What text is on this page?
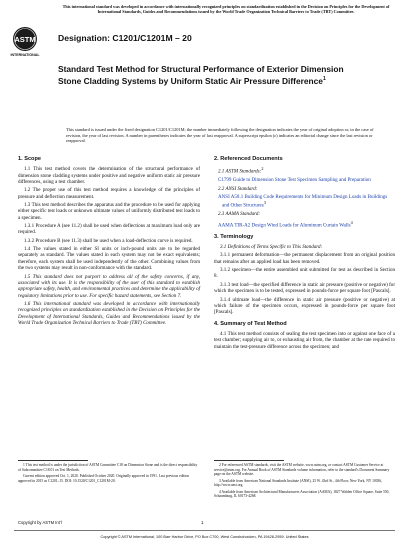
This international standard was developed in accordance with internationally recognized principles on standardization established in the Decision on Principles for the Development of International Standards, Guides and Recommendations issued by the World Trade Organization Technical Barriers to Trade (TBT) Committee.
ASTM
INTERNATIONAL
Designation: C1201/C1201M – 20
Standard Test Method for Structural Performance of Exterior Dimension Stone Cladding Systems by Uniform Static Air Pressure Difference$^1$
This standard is issued under the fixed designation C1201/C1201M; the number immediately following the designation indicates the year of original adoption or, in the case of revision, the year of last revision. A number in parentheses indicates the year of last reapproval. A superscript epsilon (ε) indicates an editorial change since the last revision or reapproval.
1. Scope
1.1 This test method covers the determination of the structural performance of dimension stone cladding systems under positive and negative uniform static air pressure differences, using a test chamber.
1.2 The proper use of this test method requires a knowledge of the principles of pressure and deflection measurement.
1.3 This test method describes the apparatus and the procedure to be used for applying either specific test loads or unknown ultimate values of uniformly distributed test loads to a specimen.
1.3.1 Procedure A (see 11.2) shall be used when deflections at maximum load only are required.
1.3.2 Procedure B (see 11.3) shall be used when a load-deflection curve is required.
1.4 The values stated in either SI units or inch-pound units are to be regarded separately as standard. The values stated in each system may not be exact equivalents; therefore, each system shall be used independently of the other. Combining values from the two systems may result in non-conformance with the standard.
1.5 This standard does not purport to address all of the safety concerns, if any, associated with its use. It is the responsibility of the user of this standard to establish appropriate safety, health, and environmental practices and determine the applicability of regulatory limitations prior to use. For specific hazard statements, see Section 7.
1.6 This international standard was developed in accordance with internationally recognized principles on standardization established in the Decision on Principles for the Development of International Standards, Guides and Recommendations issued by the World Trade Organization Technical Barriers to Trade (TBT) Committee.
1 This test method is under the jurisdiction of ASTM Committee C18 on Dimension Stone and is the direct responsibility of Subcommittee C18.01 on Test Methods.
Current edition approved Oct. 1, 2020. Published October 2020. Originally approved in 1991. Last previous edition approved in 2015 as C1201–15. DOI: 10.1520/C1201_C1201M-20.
2. Referenced Documents
2.1 ASTM Standards:$^2$
C1799 Guide to Dimension Stone Test Specimen Sampling and Preparation
2.2 ANSI Standard:
ANSI A58.1 Building Code Requirements for Minimum Design Loads in Buildings and Other Structures$^3$
2.3 AAMA Standard:
AAMA TIR-A2 Design Wind Loads for Aluminum Curtain Walls$^4$
3. Terminology
3.1 Definitions of Terms Specific to This Standard:
3.1.1 permanent deformation—the permanent displacement from an original position that remains after an applied load has been removed.
3.1.2 specimen—the entire assembled unit submitted for test as described in Section 8.
3.1.3 test load—the specified difference in static air pressure (positive or negative) for which the specimen is to be tested, expressed in pounds-force per square foot [Pascals].
3.1.4 ultimate load—the difference in static air pressure (positive or negative) at which failure of the specimen occurs, expressed in pounds-force per square foot [Pascals].
4. Summary of Test Method
4.1 This test method consists of sealing the test specimen into or against one face of a test chamber; supplying air to, or exhausting air from, the chamber at the rate required to maintain the test-pressure difference across the specimen; and
2 For referenced ASTM standards, visit the ASTM website, www.astm.org, or contact ASTM Customer Service at service@astm.org. For Annual Book of ASTM Standards volume information, refer to the standard's Document Summary page on the ASTM website.
3 Available from American National Standards Institute (ANSI), 25 W. 43rd St., 4th Floor, New York, NY 10036, http://www.ansi.org.
4 Available from American Architectural Manufacturers Association (AAMA), 1827 Walden Office Square, Suite 550, Schaumburg, IL 60173-4268.
Copyright by ASTM Int'l	1
Copyright © ASTM International, 100 Barr Harbor Drive, PO Box C700, West Conshohocken, PA 19428-2959. United States
